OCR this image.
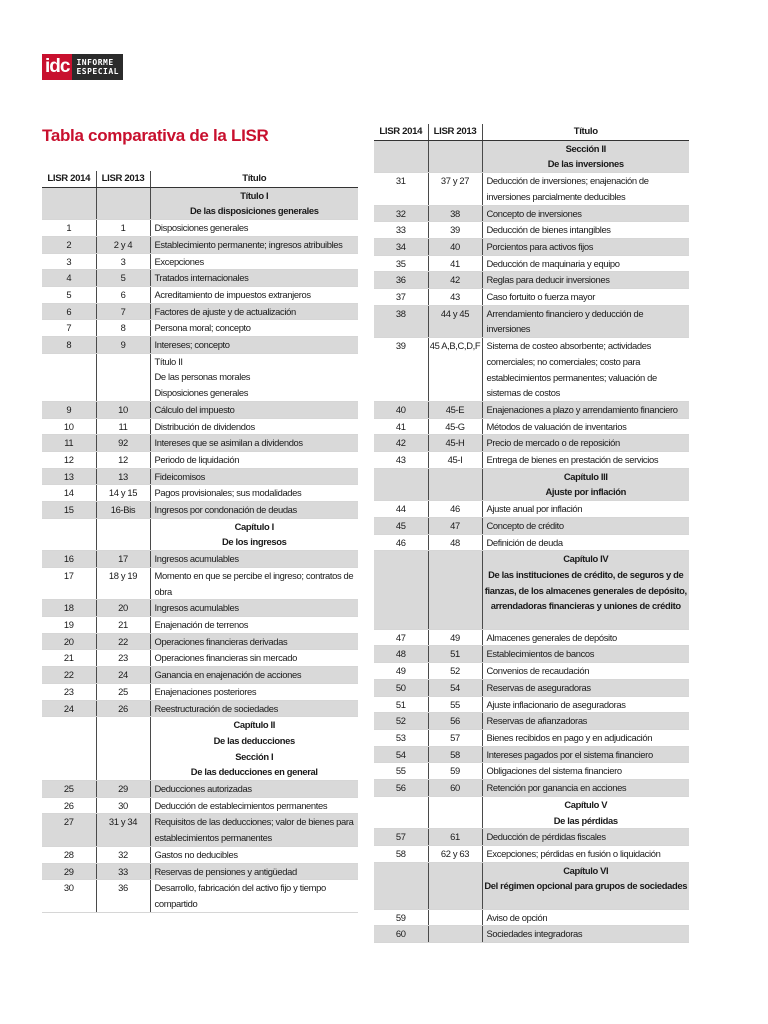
idc INFORME
ESPECIAL
Tabla comparativa de la LISR
LISR 2014	LISR 2013	Título

		Título I
De las disposiciones generales

1	1	Disposiciones generales
2	2 y 4	Establecimiento permanente; ingresos atribuibles
3	3	Excepciones
4	5	Tratados internacionales
5	6	Acreditamiento de impuestos extranjeros
6	7	Factores de ajuste y de actualización
7	8	Persona moral; concepto
8	9	Intereses; concepto

		Título II
De las personas morales
Disposiciones generales

9	10	Cálculo del impuesto
10	11	Distribución de dividendos
11	92	Intereses que se asimilan a dividendos
12	12	Periodo de liquidación
13	13	Fideicomisos
14	14 y 15	Pagos provisionales; sus modalidades
15	16-Bis	Ingresos por condonación de deudas

		Capítulo I
De los ingresos

16	17	Ingresos acumulables
17	18 y 19	Momento en que se percibe el ingreso; contratos de obra
18	20	Ingresos acumulables
19	21	Enajenación de terrenos
20	22	Operaciones financieras derivadas
21	23	Operaciones financieras sin mercado
22	24	Ganancia en enajenación de acciones
23	25	Enajenaciones posteriores
24	26	Reestructuración de sociedades

		Capítulo II
De las deducciones
Sección I
De las deducciones en general

25	29	Deducciones autorizadas
26	30	Deducción de establecimientos permanentes
27	31 y 34	Requisitos de las deducciones; valor de bienes para establecimientos permanentes
28	32	Gastos no deducibles
29	33	Reservas de pensiones y antigüedad
30	36	Desarrollo, fabricación del activo fijo y tiempo compartido
LISR 2014	LISR 2013	Título

		Sección II
De las inversiones

31	37 y 27	Deducción de inversiones; enajenación de inversiones parcialmente deducibles
32	38	Concepto de inversiones
33	39	Deducción de bienes intangibles
34	40	Porcientos para activos fijos
35	41	Deducción de maquinaria y equipo
36	42	Reglas para deducir inversiones
37	43	Caso fortuito o fuerza mayor
38	44 y 45	Arrendamiento financiero y deducción de inversiones
39	45 A,B,C,D,F	Sistema de costeo absorbente; actividades comerciales; no comerciales; costo para establecimientos permanentes; valuación de sistemas de costos
40	45-E	Enajenaciones a plazo y arrendamiento financiero
41	45-G	Métodos de valuación de inventarios
42	45-H	Precio de mercado o de reposición
43	45-I	Entrega de bienes en prestación de servicios

		Capítulo III
Ajuste por inflación

44	46	Ajuste anual por inflación
45	47	Concepto de crédito
46	48	Definición de deuda

		Capítulo IV
De las instituciones de crédito, de seguros y de fianzas, de los almacenes generales de depósito, arrendadoras financieras y uniones de crédito

47	49	Almacenes generales de depósito
48	51	Establecimientos de bancos
49	52	Convenios de recaudación
50	54	Reservas de aseguradoras
51	55	Ajuste inflacionario de aseguradoras
52	56	Reservas de afianzadoras
53	57	Bienes recibidos en pago y en adjudicación
54	58	Intereses pagados por el sistema financiero
55	59	Obligaciones del sistema financiero
56	60	Retención por ganancia en acciones

		Capítulo V
De las pérdidas

57	61	Deducción de pérdidas fiscales
58	62 y 63	Excepciones; pérdidas en fusión o liquidación

		Capítulo VI
Del régimen opcional para grupos de sociedades

59		Aviso de opción
60		Sociedades integradoras
